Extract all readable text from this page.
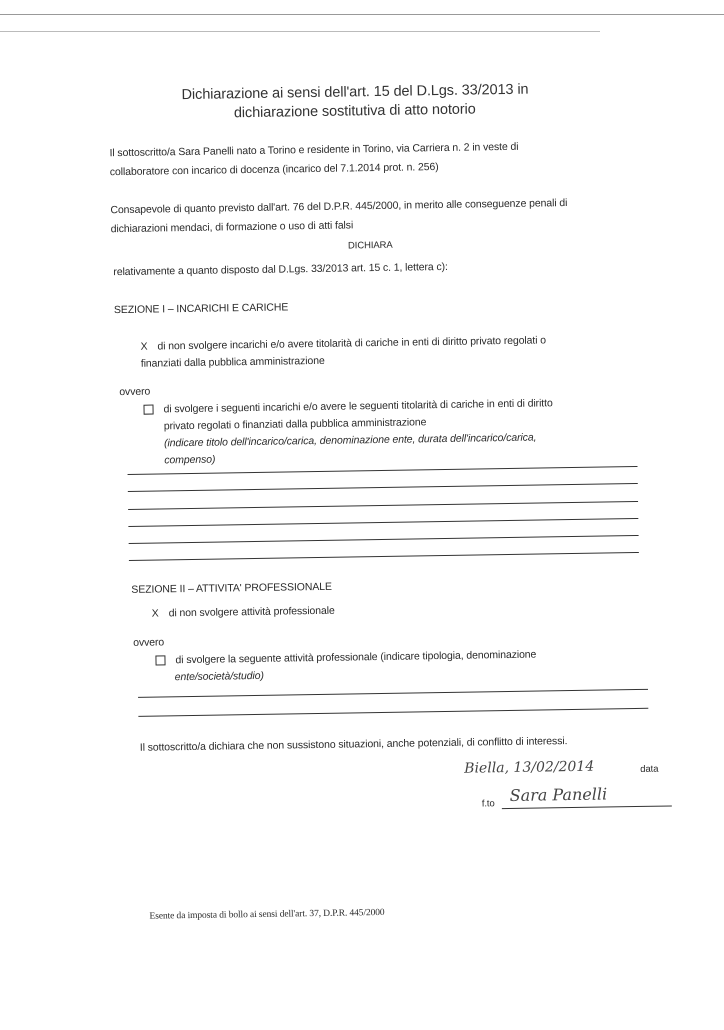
Dichiarazione ai sensi dell'art. 15 del D.Lgs. 33/2013 in
dichiarazione sostitutiva di atto notorio
Il sottoscritto/a Sara Panelli nato a Torino e residente in Torino, via Carriera n. 2 in veste di
collaboratore con incarico di docenza (incarico del 7.1.2014 prot. n. 256)
Consapevole di quanto previsto dall'art. 76 del D.P.R. 445/2000, in merito alle conseguenze penali di
dichiarazioni mendaci, di formazione o uso di atti falsi
DICHIARA
relativamente a quanto disposto dal D.Lgs. 33/2013 art. 15 c. 1, lettera c):
SEZIONE I – INCARICHI E CARICHE
X di non svolgere incarichi e/o avere titolarità di cariche in enti di diritto privato regolati o
finanziati dalla pubblica amministrazione
ovvero
di svolgere i seguenti incarichi e/o avere le seguenti titolarità di cariche in enti di diritto
privato regolati o finanziati dalla pubblica amministrazione
(indicare titolo dell'incarico/carica, denominazione ente, durata dell'incarico/carica,
compenso)
SEZIONE II – ATTIVITA' PROFESSIONALE
X di non svolgere attività professionale
ovvero
di svolgere la seguente attività professionale (indicare tipologia, denominazione
ente/società/studio)
Il sottoscritto/a dichiara che non sussistono situazioni, anche potenziali, di conflitto di interessi.
Biella, 13/02/2014	data
f.to Sara Panelli
Esente da imposta di bollo ai sensi dell'art. 37, D.P.R. 445/2000
